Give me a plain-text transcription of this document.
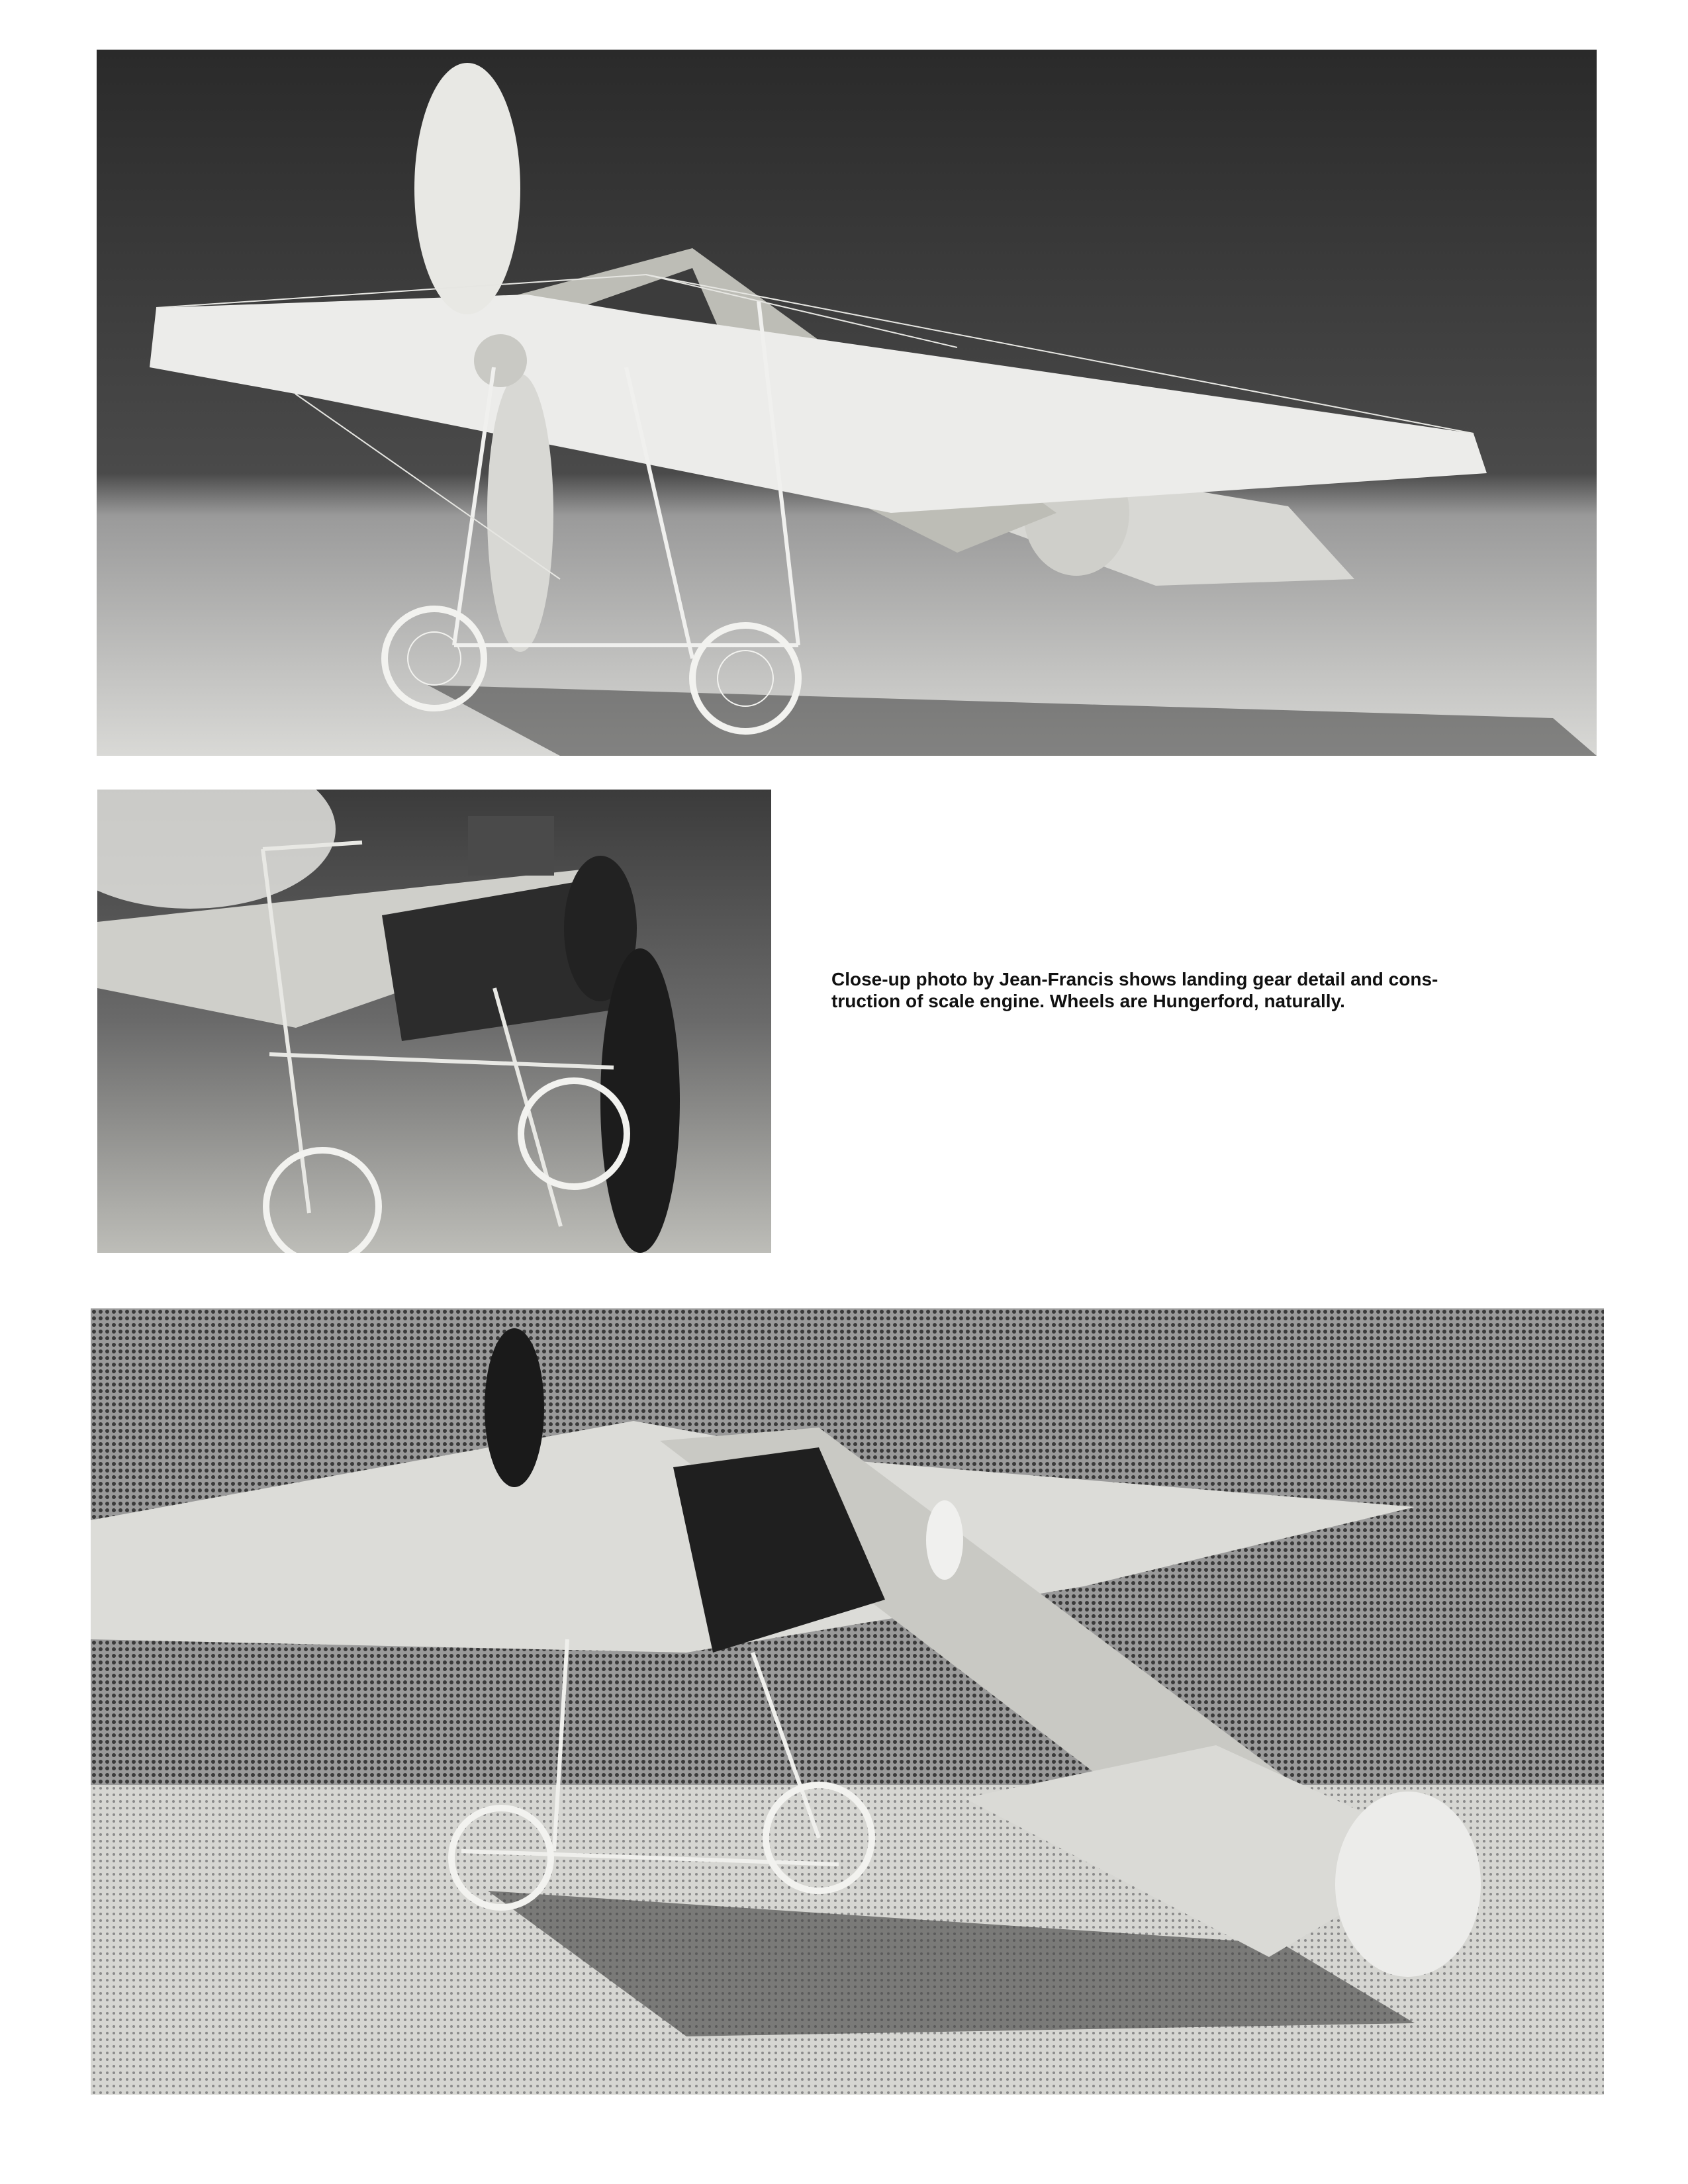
Close-up photo by Jean-Francis shows landing gear detail and cons-
truction of scale engine. Wheels are Hungerford, naturally.
